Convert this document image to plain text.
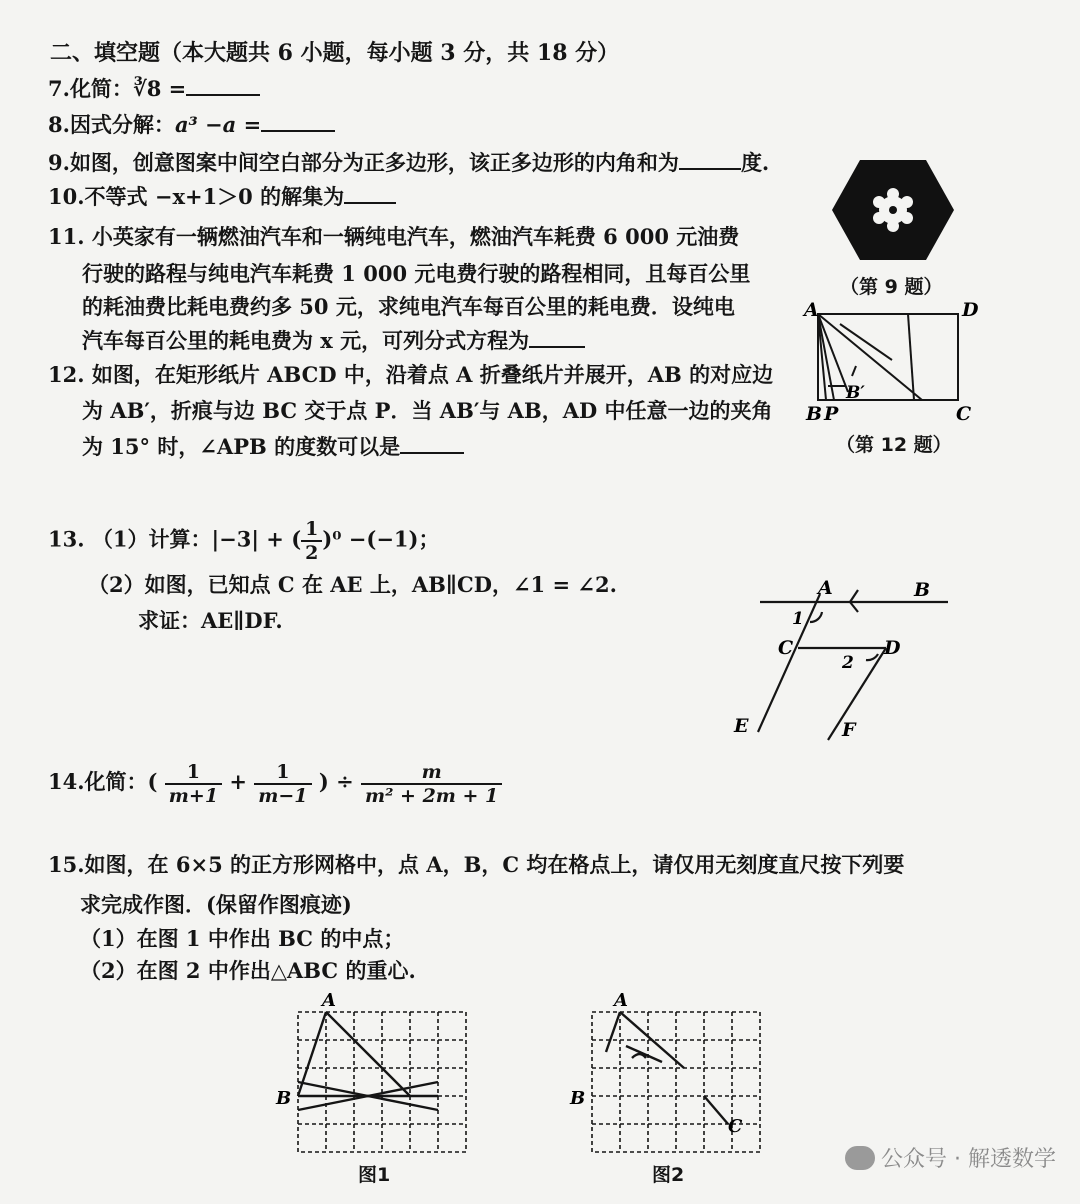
二、填空题（本大题共 6 小题，每小题 3 分，共 18 分）
7.化简：∛8 =
8.因式分解：a³ −a =
9.如图，创意图案中间空白部分为正多边形，该正多边形的内角和为	度.
10.不等式 −x+1＞0 的解集为
11. 小英家有一辆燃油汽车和一辆纯电汽车，燃油汽车耗费 6 000 元油费
行驶的路程与纯电汽车耗费 1 000 元电费行驶的路程相同，且每百公里
的耗油费比耗电费约多 50 元，求纯电汽车每百公里的耗电费．设纯电
汽车每百公里的耗电费为 x 元，可列分式方程为
12. 如图，在矩形纸片 ABCD 中，沿着点 A 折叠纸片并展开，AB 的对应边
为 AB′，折痕与边 BC 交于点 P．当 AB′与 AB，AD 中任意一边的夹角
为 15° 时，∠APB 的度数可以是
（第 9 题）
A	D
B P	C
B′
（第 12 题）
13. （1）计算：|−3| + ( $\frac{1}{2} )^0 -(-1)$；
（2）如图，已知点 C 在 AE 上，AB∥CD，∠1 = ∠2.
求证：AE∥DF.
A	B
C	D
E	F
1
2
14.化简：( $\frac{1}{m+1} + \frac{1}{m-1}$ ) ÷ $\frac{m}{\text{m² + 2m + 1}}$
15.如图，在 6×5 的正方形网格中，点 A，B，C 均在格点上，请仅用无刻度直尺按下列要
求完成作图．(保留作图痕迹)
（1）在图 1 中作出 BC 的中点；
（2）在图 2 中作出△ABC 的重心.
A
B
图1
A
B
C
图2
公众号 · 解透数学
